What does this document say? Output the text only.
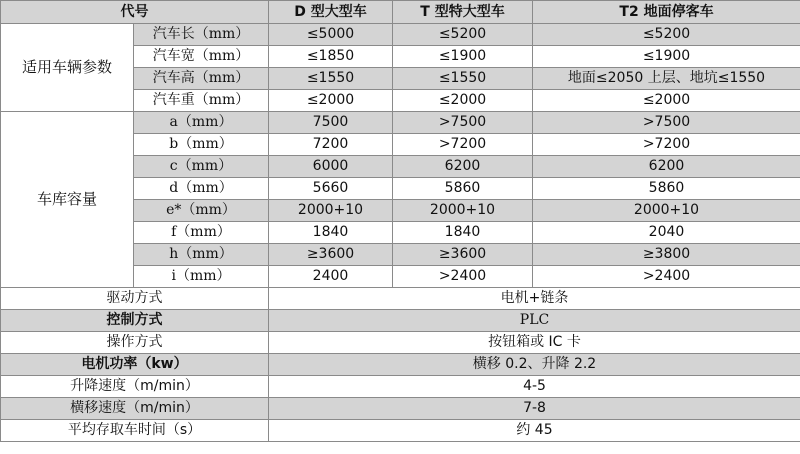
代号		D 型大型车	T 型特大型车	T2 地面停客车
适用车辆参数	汽车长（mm）	≤5000	≤5200	≤5200
	汽车宽（mm）	≤1850	≤1900	≤1900
	汽车高（mm）	≤1550	≤1550	地面≤2050 上层、地坑≤1550
	汽车重（mm）	≤2000	≤2000	≤2000
车库容量	a（mm）	7500	>7500	>7500
	b（mm）	7200	>7200	>7200
	c（mm）	6000	6200	6200
	d（mm）	5660	5860	5860
	e*（mm）	2000+10	2000+10	2000+10
	f（mm）	1840	1840	2040
	h（mm）	≥3600	≥3600	≥3800
	i（mm）	2400	>2400	>2400
驱动方式		电机+链条		
控制方式		PLC		
操作方式		按钮箱或 IC 卡		
电机功率（kw）		横移 0.2、升降 2.2		
升降速度（m/min）		4-5		
横移速度（m/min）		7-8		
平均存取车时间（s）		约 45		
